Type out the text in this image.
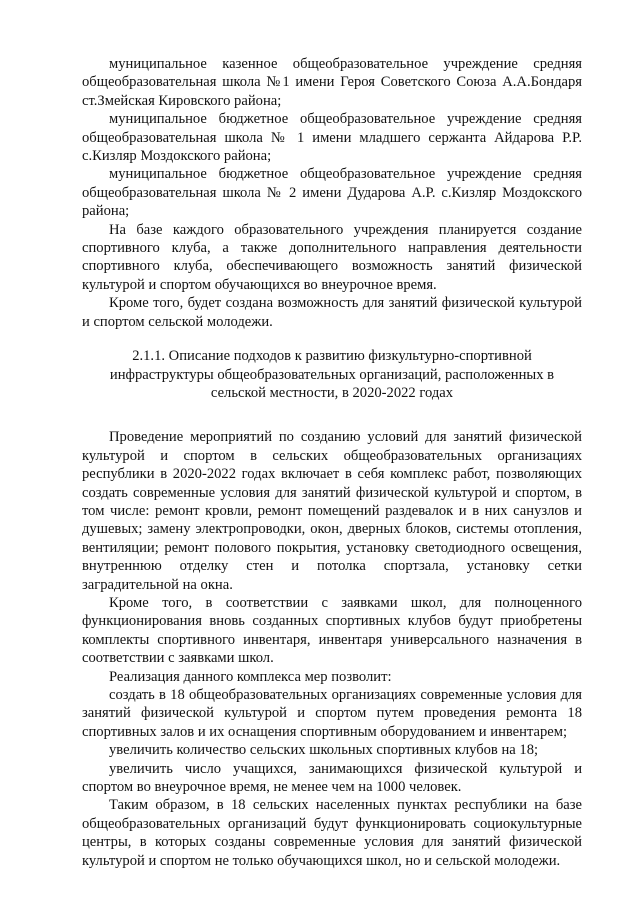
муниципальное казенное общеобразовательное учреждение средняя общеобразовательная школа №1 имени Героя Советского Союза А.А.Бондаря ст.Змейская Кировского района;

муниципальное бюджетное общеобразовательное учреждение средняя общеобразовательная школа № 1 имени младшего сержанта Айдарова Р.Р. с.Кизляр Моздокского района;

муниципальное бюджетное общеобразовательное учреждение средняя общеобразовательная школа № 2 имени Дударова А.Р. с.Кизляр Моздокского района;

На базе каждого образовательного учреждения планируется создание спортивного клуба, а также дополнительного направления деятельности спортивного клуба, обеспечивающего возможность занятий физической культурой и спортом обучающихся во внеурочное время.

Кроме того, будет создана возможность для занятий физической культурой и спортом сельской молодежи.

2.1.1. Описание подходов к развитию физкультурно-спортивной инфраструктуры общеобразовательных организаций, расположенных в сельской местности, в 2020-2022 годах

Проведение мероприятий по созданию условий для занятий физической культурой и спортом в сельских общеобразовательных организациях республики в 2020-2022 годах включает в себя комплекс работ, позволяющих создать современные условия для занятий физической культурой и спортом, в том числе: ремонт кровли, ремонт помещений раздевалок и в них санузлов и душевых; замену электропроводки, окон, дверных блоков, системы отопления, вентиляции; ремонт полового покрытия, установку светодиодного освещения, внутреннюю отделку стен и потолка спортзала, установку сетки заградительной на окна.

Кроме того, в соответствии с заявками школ, для полноценного функционирования вновь созданных спортивных клубов будут приобретены комплекты спортивного инвентаря, инвентаря универсального назначения в соответствии с заявками школ.

Реализация данного комплекса мер позволит:

создать в 18 общеобразовательных организациях современные условия для занятий физической культурой и спортом путем проведения ремонта 18 спортивных залов и их оснащения спортивным оборудованием и инвентарем;

увеличить количество сельских школьных спортивных клубов на 18;

увеличить число учащихся, занимающихся физической культурой и спортом во внеурочное время, не менее чем на 1000 человек.

Таким образом, в 18 сельских населенных пунктах республики на базе общеобразовательных организаций будут функционировать социокультурные центры, в которых созданы современные условия для занятий физической культурой и спортом не только обучающихся школ, но и сельской молодежи.
